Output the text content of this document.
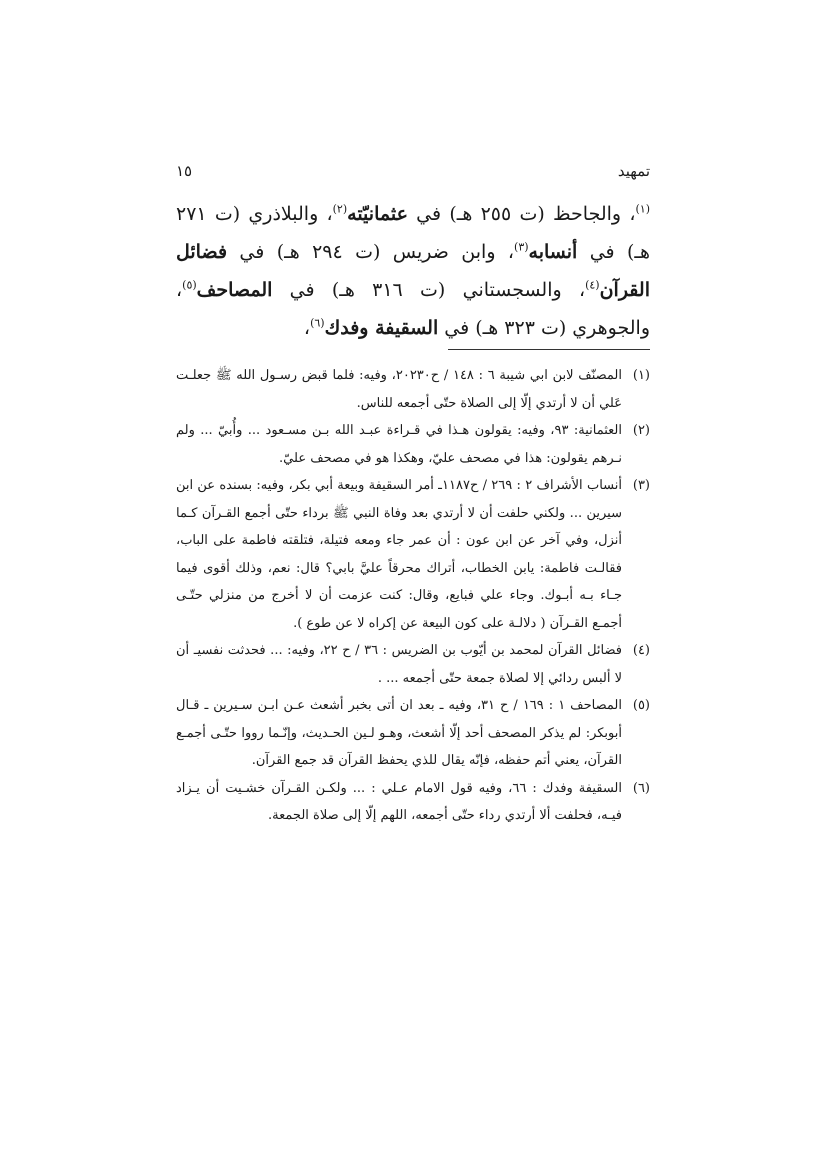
تمهيد
١٥

$^{(١)}$، والجاحظ (ت ٢٥٥ هـ) في عثمانيّته$^{(٢)}$، والبلاذري (ت ٢٧١ هـ) في أنسابه$^{(٣)}$، وابن ضريس (ت ٢٩٤ هـ) في فضائل القرآن$^{(٤)}$، والسجستاني (ت ٣١٦ هـ) في المصاحف$^{(٥)}$، والجوهري (ت ٣٢٣ هـ) في السقيفة وفدك$^{(٦)}$،

(١)
المصنّف لابن ابي شيبة ٦ : ١٤٨ / ح٢٠٢٣٠، وفيه: فلما قبض رسـول الله ﷺ جعلـت عَلي أن لا أرتدي إلّا إلى الصلاة حتّى أجمعه للناس.
(٢)
العثمانية: ٩٣، وفيه: يقولون هـذا في قـراءة عبـد الله بـن مسـعود ... وأُبيّ ... ولم نـرهم يقولون: هذا في مصحف عليّ، وهكذا هو في مصحف عليّ.
(٣)
أنساب الأشراف ٢ : ٢٦٩ / ح١١٨٧ـ أمر السقيفة وبيعة أبي بكر، وفيه: بسنده عن ابن سيرين ... ولكني حلفت أن لا أرتدي بعد وفاة النبي ﷺ برداء حتّى أجمع القـرآن كـما أنزل، وفي آخر عن ابن عون : أن عمر جاء ومعه فتيلة، فتلقته فاطمة على الباب، فقالـت فاطمة: يابن الخطاب، أتراك محرقاً عليَّ بابي؟ قال: نعم، وذلك أقوى فيما جـاء بـه أبـوك. وجاء علي فبايع، وقال: كنت عزمت أن لا أخرج من منزلي حتّـى أجمـع القـرآن ( دلالـة على كون البيعة عن إكراه لا عن طوع ).
(٤)
فضائل القرآن لمحمد بن أيّوب بن الضريس : ٣٦ / ح ٢٢، وفيه: ... فحدثت نفسيـ أن لا ألبس ردائي إلا لصلاة جمعة حتّى أجمعه ... .
(٥)
المصاحف ١ : ١٦٩ / ح ٣١، وفيه ـ بعد ان أتى بخبر أشعث عـن ابـن سـيرين ـ قـال أبوبكر: لم يذكر المصحف أحد إلّا أشعث، وهـو لـين الحـديث، وإنّـما رووا حتّـى أجمـع القرآن، يعني أتم حفظه، فإنّه يقال للذي يحفظ القرآن قد جمع القرآن.
(٦)
السقيفة وفدك : ٦٦، وفيه قول الامام عـلي : ... ولكـن القـرآن خشـيت أن يـزاد فيـه، فحلفت ألا أرتدي رداء حتّى أجمعه، اللهم إلّا إلى صلاة الجمعة.
